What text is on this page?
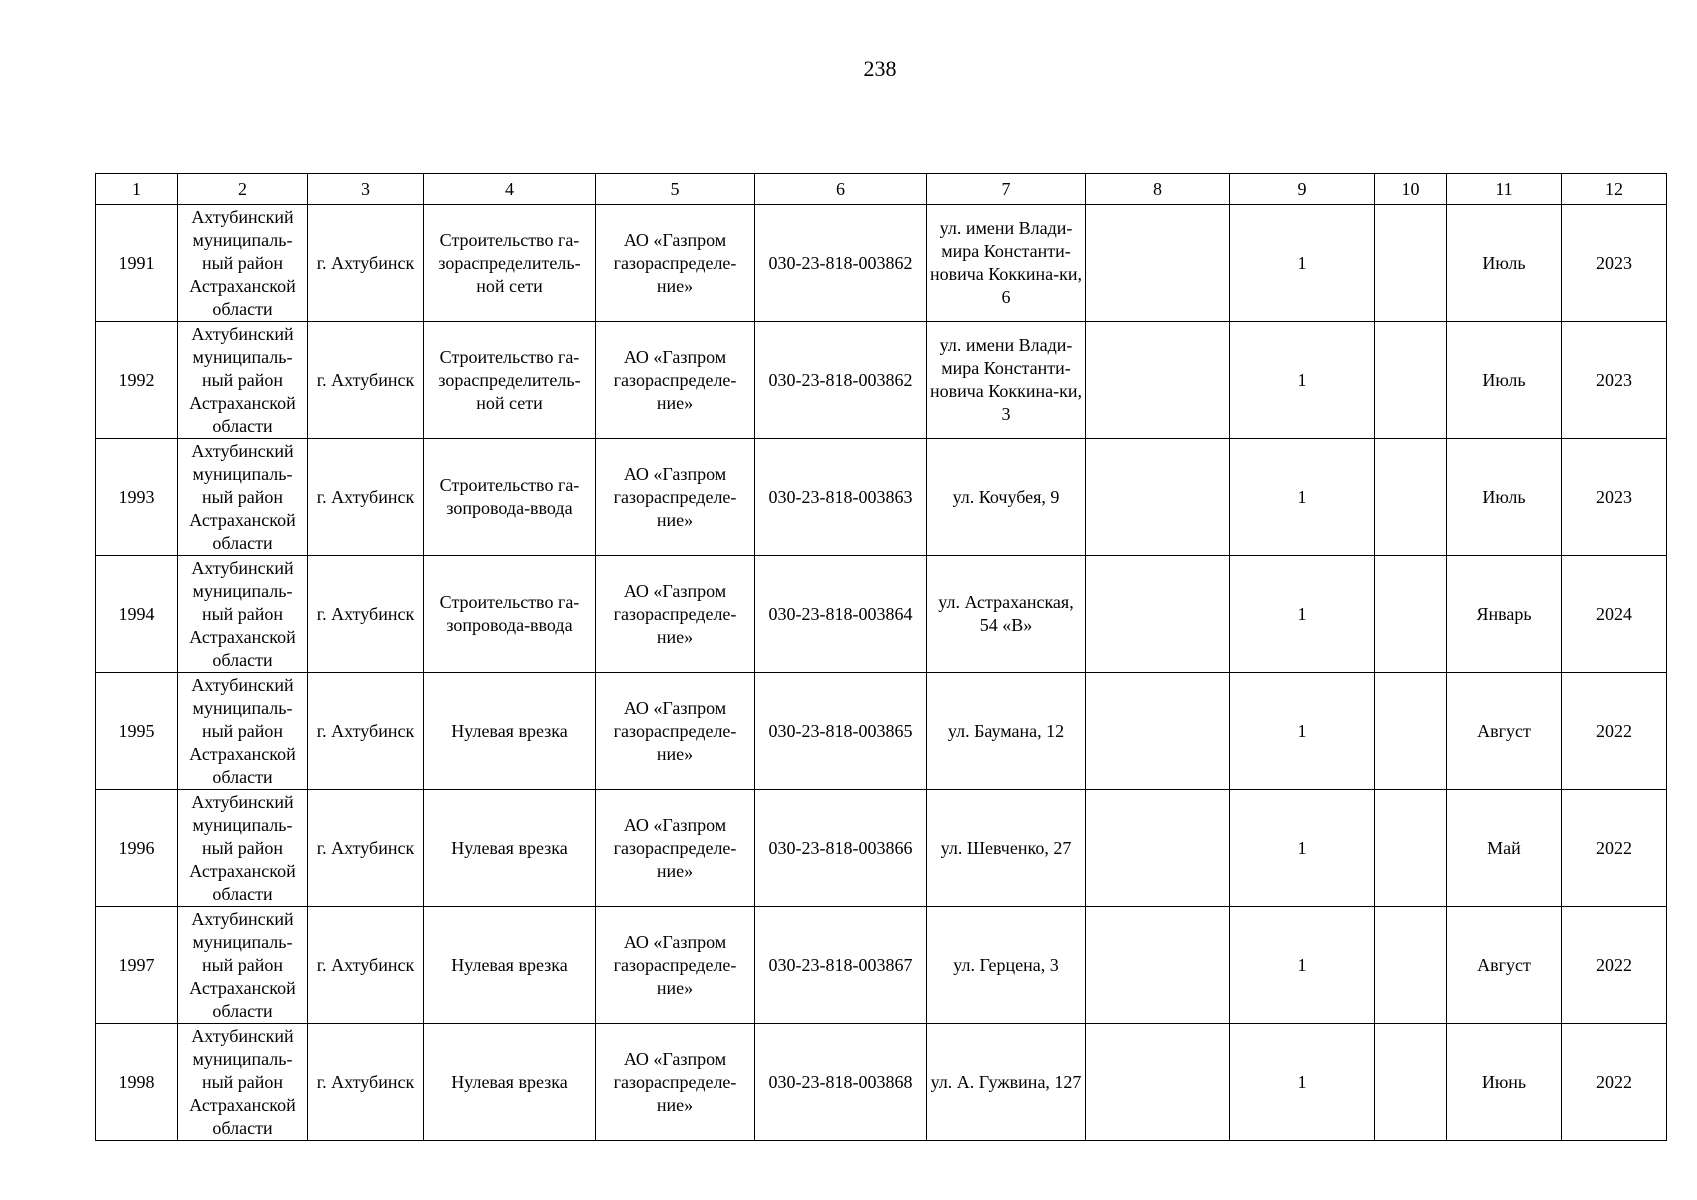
238
1	2	3	4	5	6	7	8	9	10	11	12
1991	Ахтубинский муниципаль-ный район Астраханской области	г. Ахтубинск	Строительство га-зораспределитель-ной сети	АО «Газпром газораспределе-ние»	030-23-818-003862	ул. имени Влади-мира Константи-новича Коккина-ки, 6		1		Июль	2023
1992	Ахтубинский муниципаль-ный район Астраханской области	г. Ахтубинск	Строительство га-зораспределитель-ной сети	АО «Газпром газораспределе-ние»	030-23-818-003862	ул. имени Влади-мира Константи-новича Коккина-ки, 3		1		Июль	2023
1993	Ахтубинский муниципаль-ный район Астраханской области	г. Ахтубинск	Строительство га-зопровода-ввода	АО «Газпром газораспределе-ние»	030-23-818-003863	ул. Кочубея, 9		1		Июль	2023
1994	Ахтубинский муниципаль-ный район Астраханской области	г. Ахтубинск	Строительство га-зопровода-ввода	АО «Газпром газораспределе-ние»	030-23-818-003864	ул. Астраханская, 54 «В»		1		Январь	2024
1995	Ахтубинский муниципаль-ный район Астраханской области	г. Ахтубинск	Нулевая врезка	АО «Газпром газораспределе-ние»	030-23-818-003865	ул. Баумана, 12		1		Август	2022
1996	Ахтубинский муниципаль-ный район Астраханской области	г. Ахтубинск	Нулевая врезка	АО «Газпром газораспределе-ние»	030-23-818-003866	ул. Шевченко, 27		1		Май	2022
1997	Ахтубинский муниципаль-ный район Астраханской области	г. Ахтубинск	Нулевая врезка	АО «Газпром газораспределе-ние»	030-23-818-003867	ул. Герцена, 3		1		Август	2022
1998	Ахтубинский муниципаль-ный район Астраханской области	г. Ахтубинск	Нулевая врезка	АО «Газпром газораспределе-ние»	030-23-818-003868	ул. А. Гужвина, 127		1		Июнь	2022
